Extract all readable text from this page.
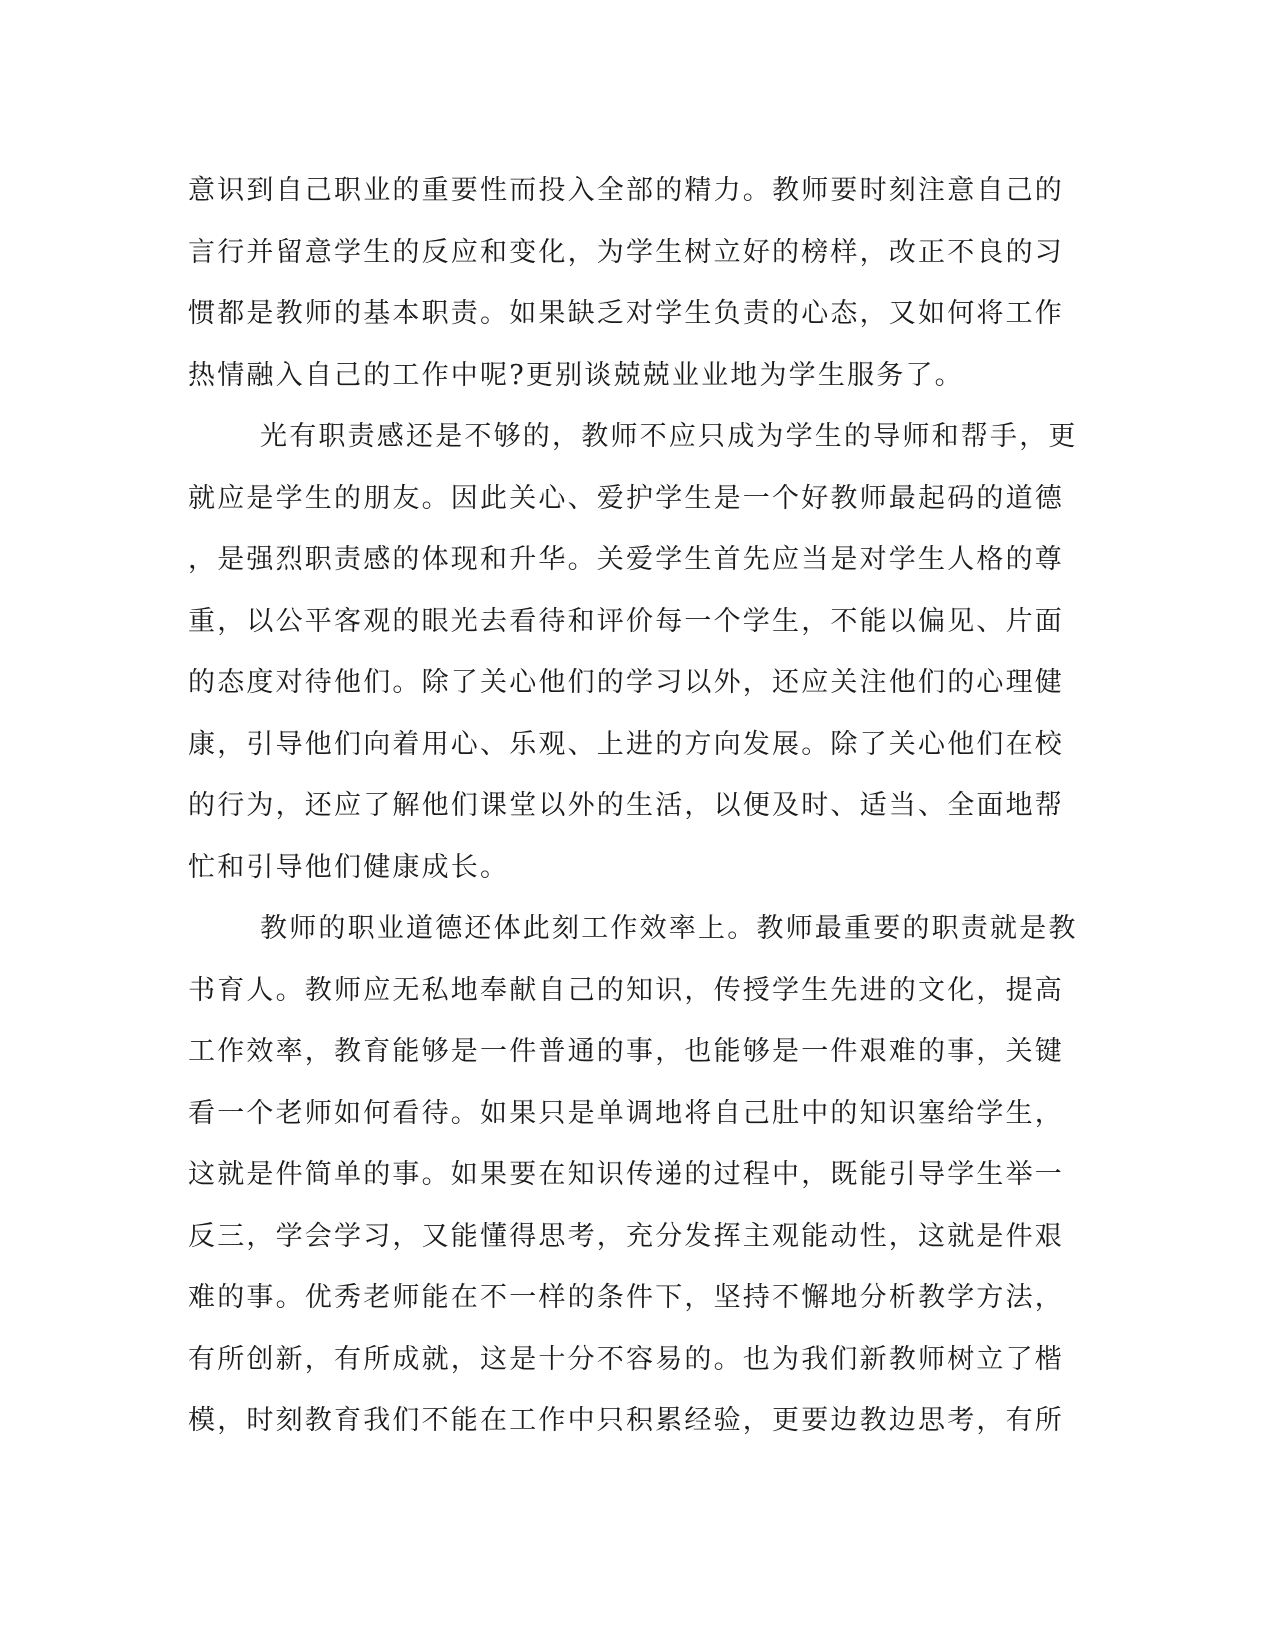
意识到自己职业的重要性而投入全部的精力。教师要时刻注意自己的
言行并留意学生的反应和变化，为学生树立好的榜样，改正不良的习
惯都是教师的基本职责。如果缺乏对学生负责的心态，又如何将工作
热情融入自己的工作中呢?更别谈兢兢业业地为学生服务了。
光有职责感还是不够的，教师不应只成为学生的导师和帮手，更
就应是学生的朋友。因此关心、爱护学生是一个好教师最起码的道德
，是强烈职责感的体现和升华。关爱学生首先应当是对学生人格的尊
重，以公平客观的眼光去看待和评价每一个学生，不能以偏见、片面
的态度对待他们。除了关心他们的学习以外，还应关注他们的心理健
康，引导他们向着用心、乐观、上进的方向发展。除了关心他们在校
的行为，还应了解他们课堂以外的生活，以便及时、适当、全面地帮
忙和引导他们健康成长。
教师的职业道德还体此刻工作效率上。教师最重要的职责就是教
书育人。教师应无私地奉献自己的知识，传授学生先进的文化，提高
工作效率，教育能够是一件普通的事，也能够是一件艰难的事，关键
看一个老师如何看待。如果只是单调地将自己肚中的知识塞给学生，
这就是件简单的事。如果要在知识传递的过程中，既能引导学生举一
反三，学会学习，又能懂得思考，充分发挥主观能动性，这就是件艰
难的事。优秀老师能在不一样的条件下，坚持不懈地分析教学方法，
有所创新，有所成就，这是十分不容易的。也为我们新教师树立了楷
模，时刻教育我们不能在工作中只积累经验，更要边教边思考，有所
